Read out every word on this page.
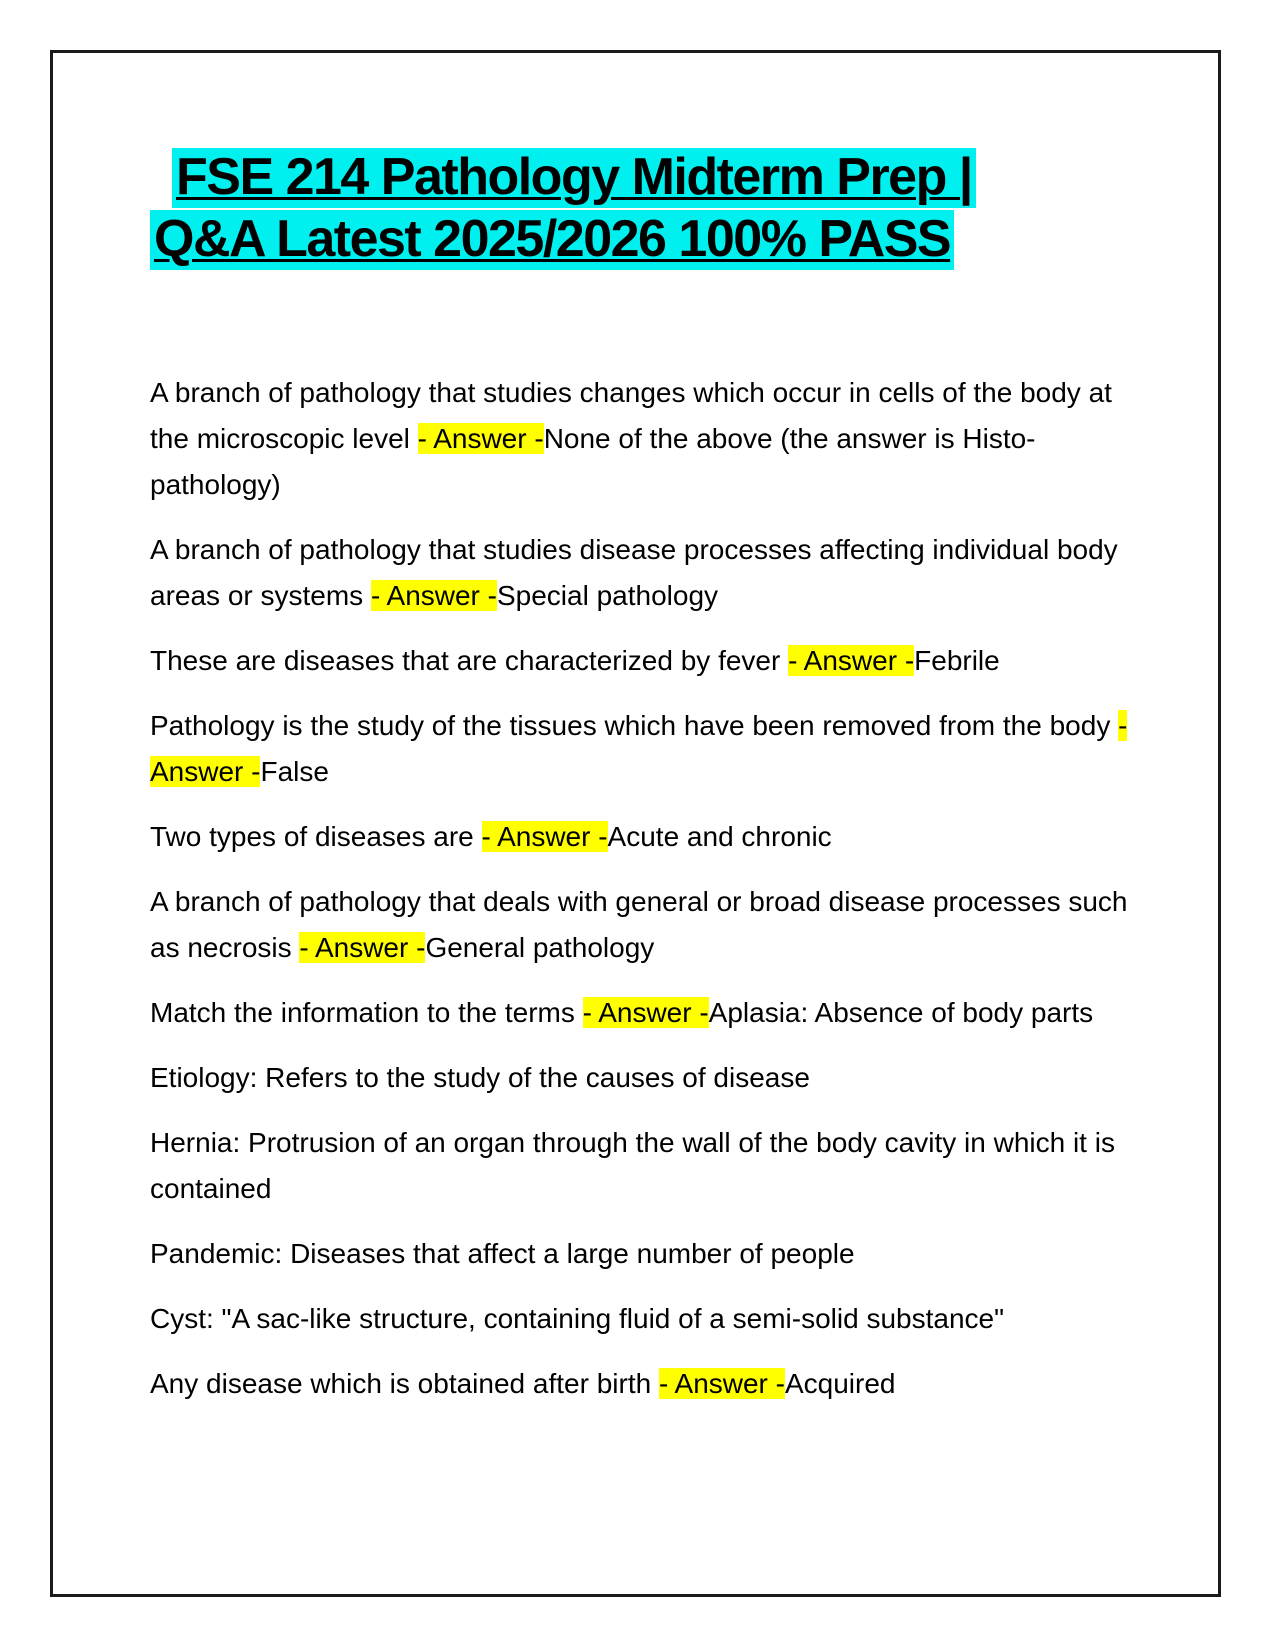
FSE 214 Pathology Midterm Prep |
Q&A Latest 2025/2026 100% PASS

A branch of pathology that studies changes which occur in cells of the body at the microscopic level - Answer -None of the above (the answer is Histo-pathology)

A branch of pathology that studies disease processes affecting individual body areas or systems - Answer -Special pathology

These are diseases that are characterized by fever - Answer -Febrile

Pathology is the study of the tissues which have been removed from the body - Answer -False

Two types of diseases are - Answer -Acute and chronic

A branch of pathology that deals with general or broad disease processes such as necrosis - Answer -General pathology

Match the information to the terms - Answer -Aplasia: Absence of body parts

Etiology: Refers to the study of the causes of disease

Hernia: Protrusion of an organ through the wall of the body cavity in which it is contained

Pandemic: Diseases that affect a large number of people

Cyst: "A sac-like structure, containing fluid of a semi-solid substance"

Any disease which is obtained after birth - Answer -Acquired
